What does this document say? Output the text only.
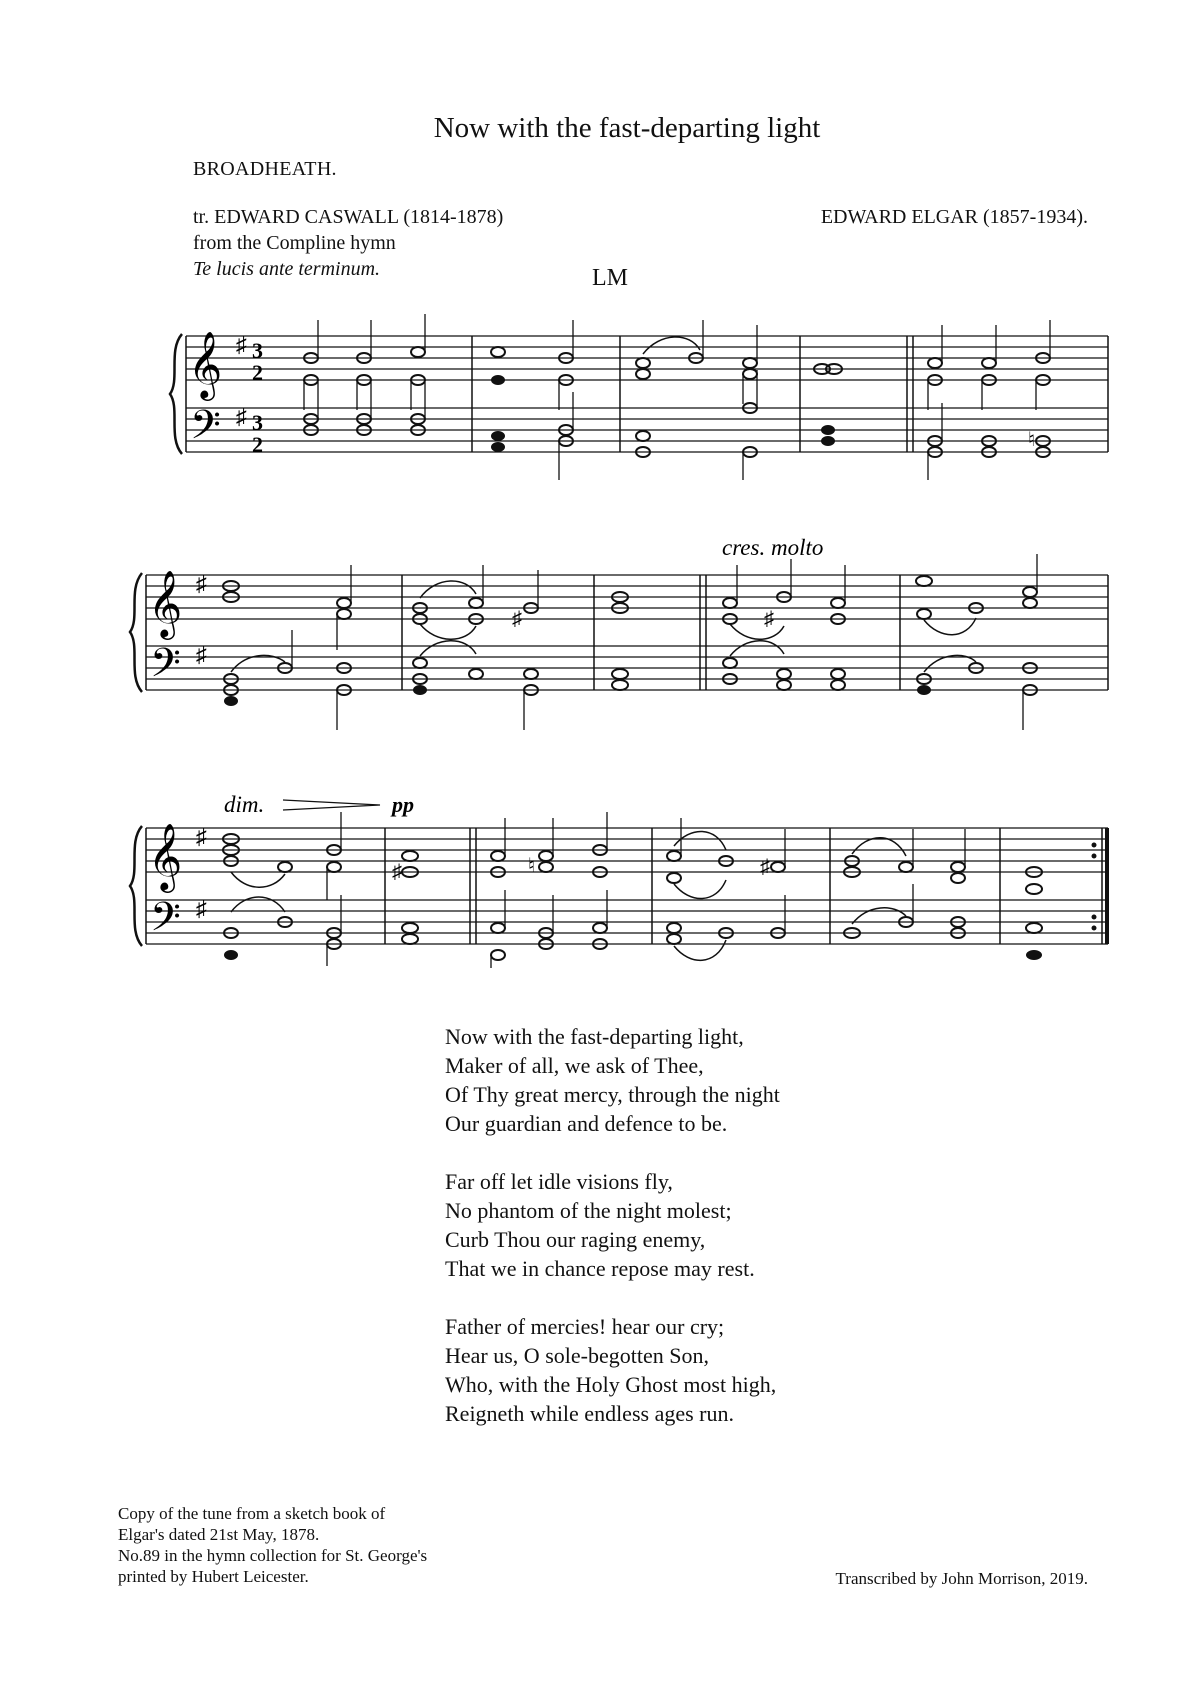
Now with the fast-departing light
BROADHEATH.
tr. EDWARD CASWALL (1814-1878)
from the Compline hymn
Te lucis ante terminum.
EDWARD ELGAR (1857-1934).
LM
𝄞
𝄢
♯
♯
3
2
3
2	♮
cres. molto
𝄞
𝄢
♯
♯
♯	♯
dim.	pp
𝄞
𝄢
♯
♯
♯	♮	♯
Now with the fast-departing light,
Maker of all, we ask of Thee,
Of Thy great mercy, through the night
Our guardian and defence to be.
Far off let idle visions fly,
No phantom of the night molest;
Curb Thou our raging enemy,
That we in chance repose may rest.
Father of mercies! hear our cry;
Hear us, O sole-begotten Son,
Who, with the Holy Ghost most high,
Reigneth while endless ages run.
Copy of the tune from a sketch book of
Elgar's dated 21st May, 1878.
No.89 in the hymn collection for St. George's
printed by Hubert Leicester.	Transcribed by John Morrison, 2019.
